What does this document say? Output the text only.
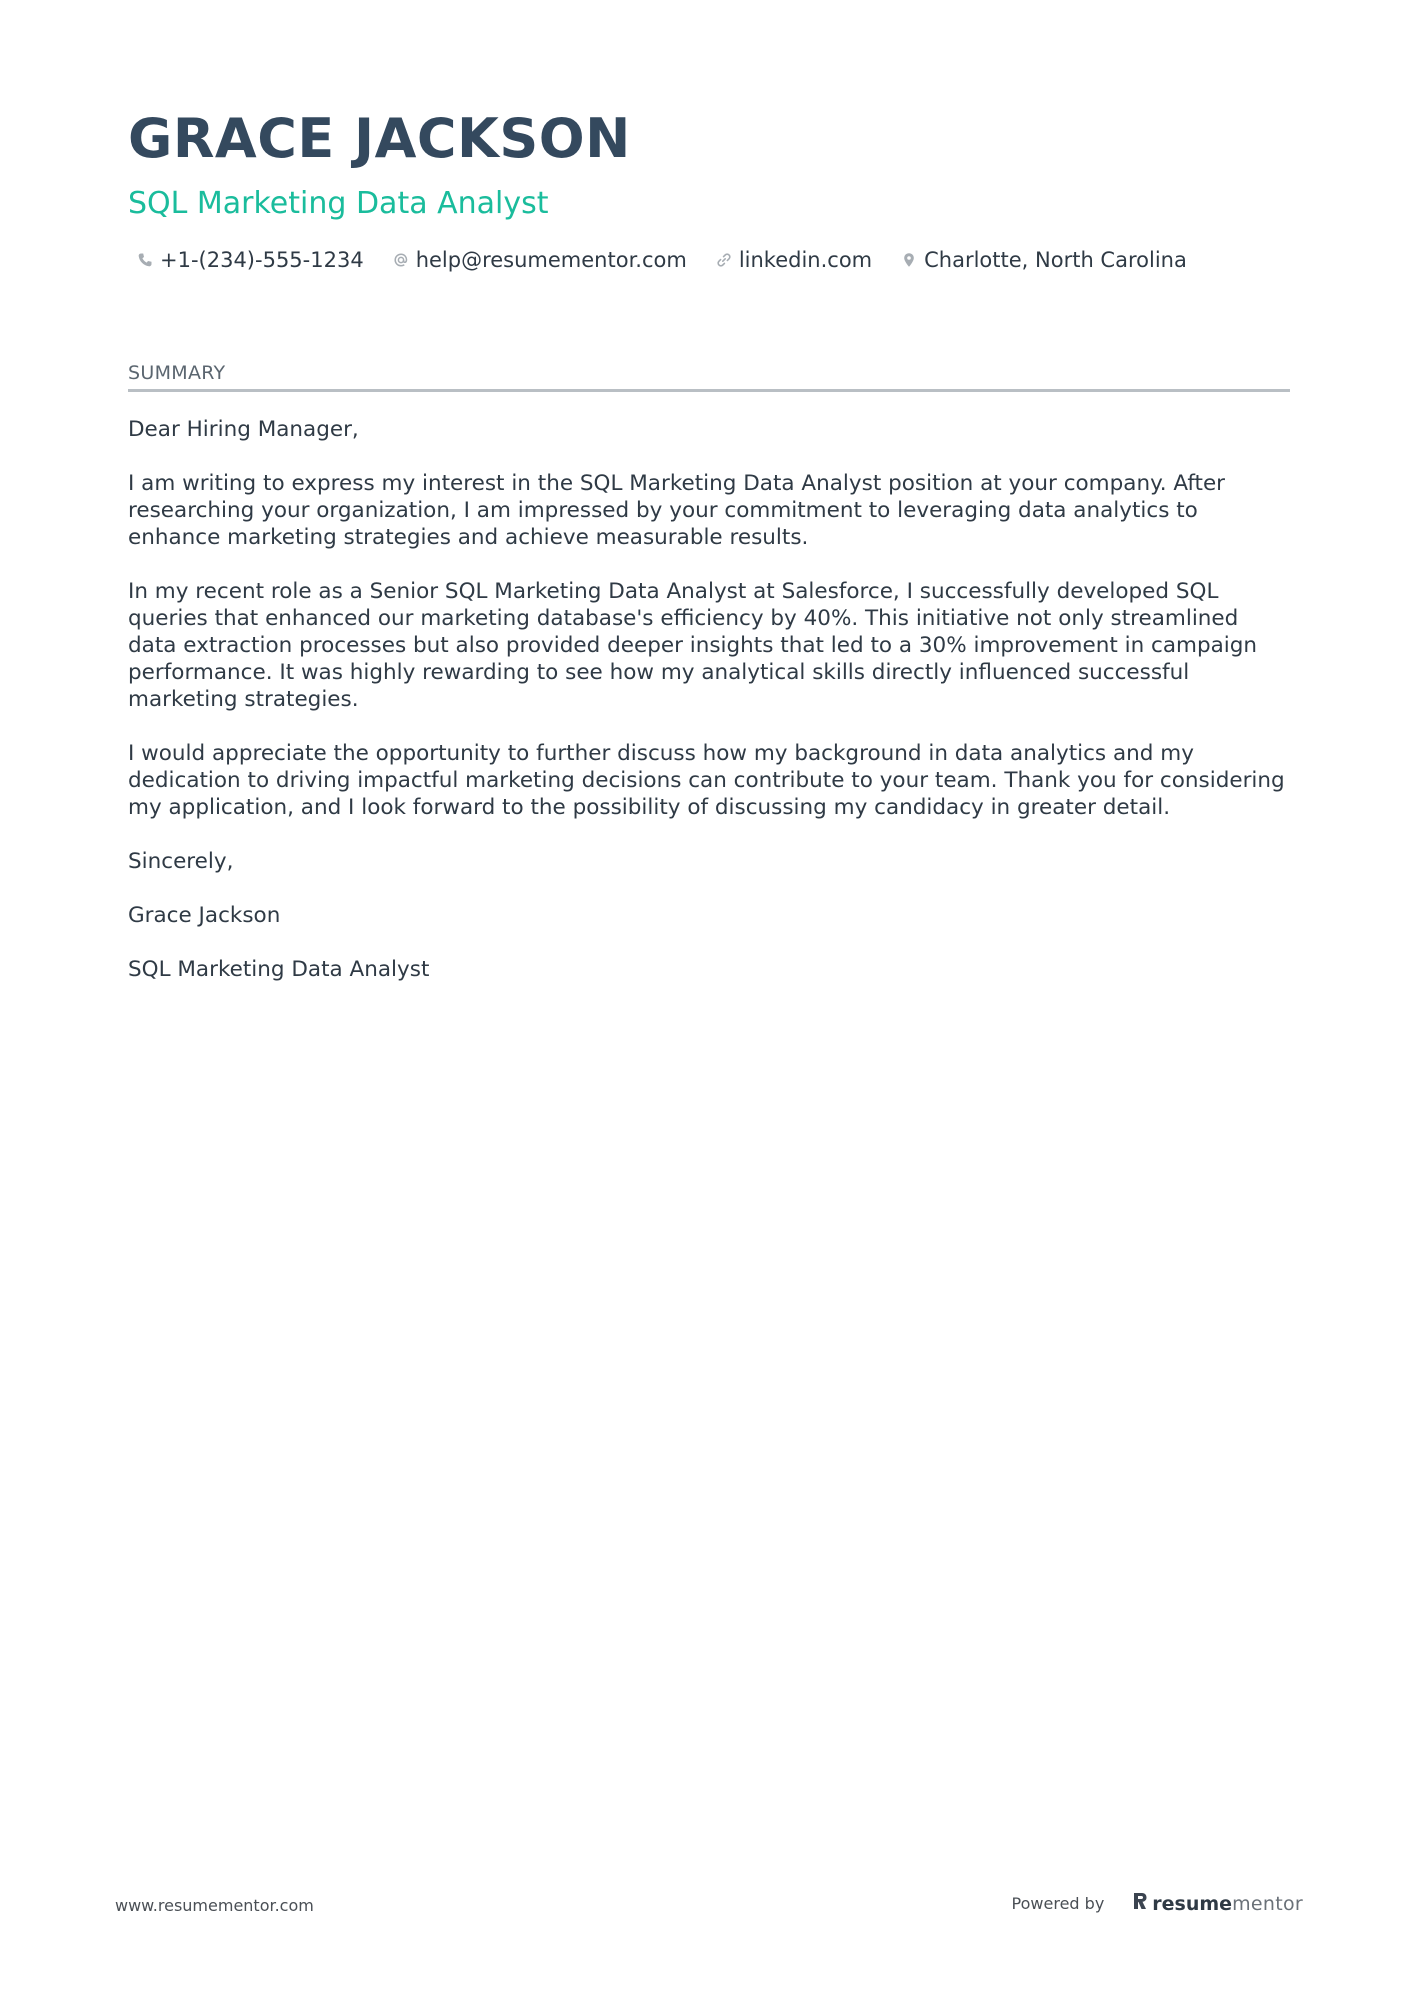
GRACE JACKSON
SQL Marketing Data Analyst
+1-(234)-555-1234 help@resumementor.com linkedin.com Charlotte, North Carolina
SUMMARY

Dear Hiring Manager,

I am writing to express my interest in the SQL Marketing Data Analyst position at your company. After researching your organization, I am impressed by your commitment to leveraging data analytics to enhance marketing strategies and achieve measurable results.

In my recent role as a Senior SQL Marketing Data Analyst at Salesforce, I successfully developed SQL queries that enhanced our marketing database's efficiency by 40%. This initiative not only streamlined data extraction processes but also provided deeper insights that led to a 30% improvement in campaign performance. It was highly rewarding to see how my analytical skills directly influenced successful marketing strategies.

I would appreciate the opportunity to further discuss how my background in data analytics and my dedication to driving impactful marketing decisions can contribute to your team. Thank you for considering my application, and I look forward to the possibility of discussing my candidacy in greater detail.

Sincerely,

Grace Jackson

SQL Marketing Data Analyst

www.resumementor.com	Powered by	resume mentor
